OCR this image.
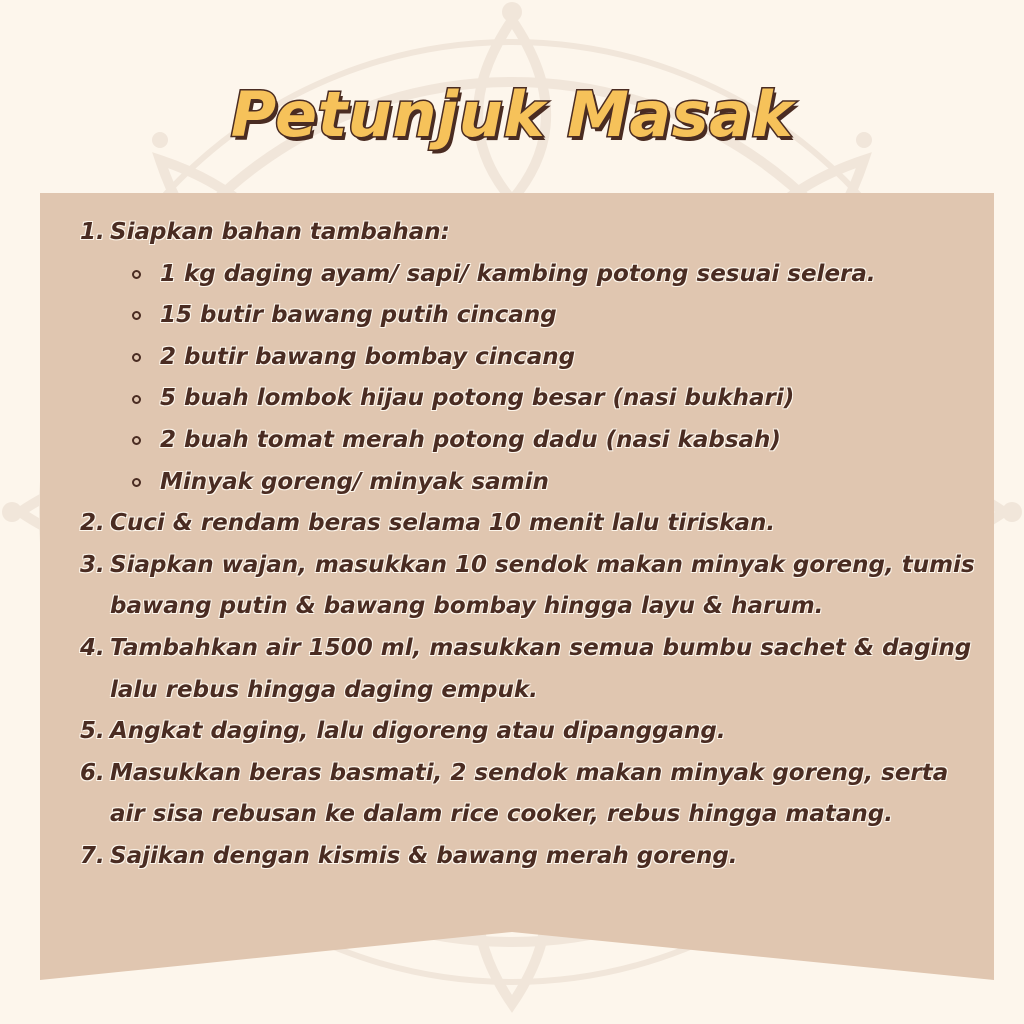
Petunjuk Masak
1. Siapkan bahan tambahan:
1 kg daging ayam/ sapi/ kambing potong sesuai selera.
15 butir bawang putih cincang
2 butir bawang bombay cincang
5 buah lombok hijau potong besar (nasi bukhari)
2 buah tomat merah potong dadu (nasi kabsah)
Minyak goreng/ minyak samin
2. Cuci & rendam beras selama 10 menit lalu tiriskan.
3. Siapkan wajan, masukkan 10 sendok makan minyak goreng, tumis bawang putin & bawang bombay hingga layu & harum.
4. Tambahkan air 1500 ml, masukkan semua bumbu sachet & daging lalu rebus hingga daging empuk.
5. Angkat daging, lalu digoreng atau dipanggang.
6. Masukkan beras basmati, 2 sendok makan minyak goreng, serta air sisa rebusan ke dalam rice cooker, rebus hingga matang.
7. Sajikan dengan kismis & bawang merah goreng.
